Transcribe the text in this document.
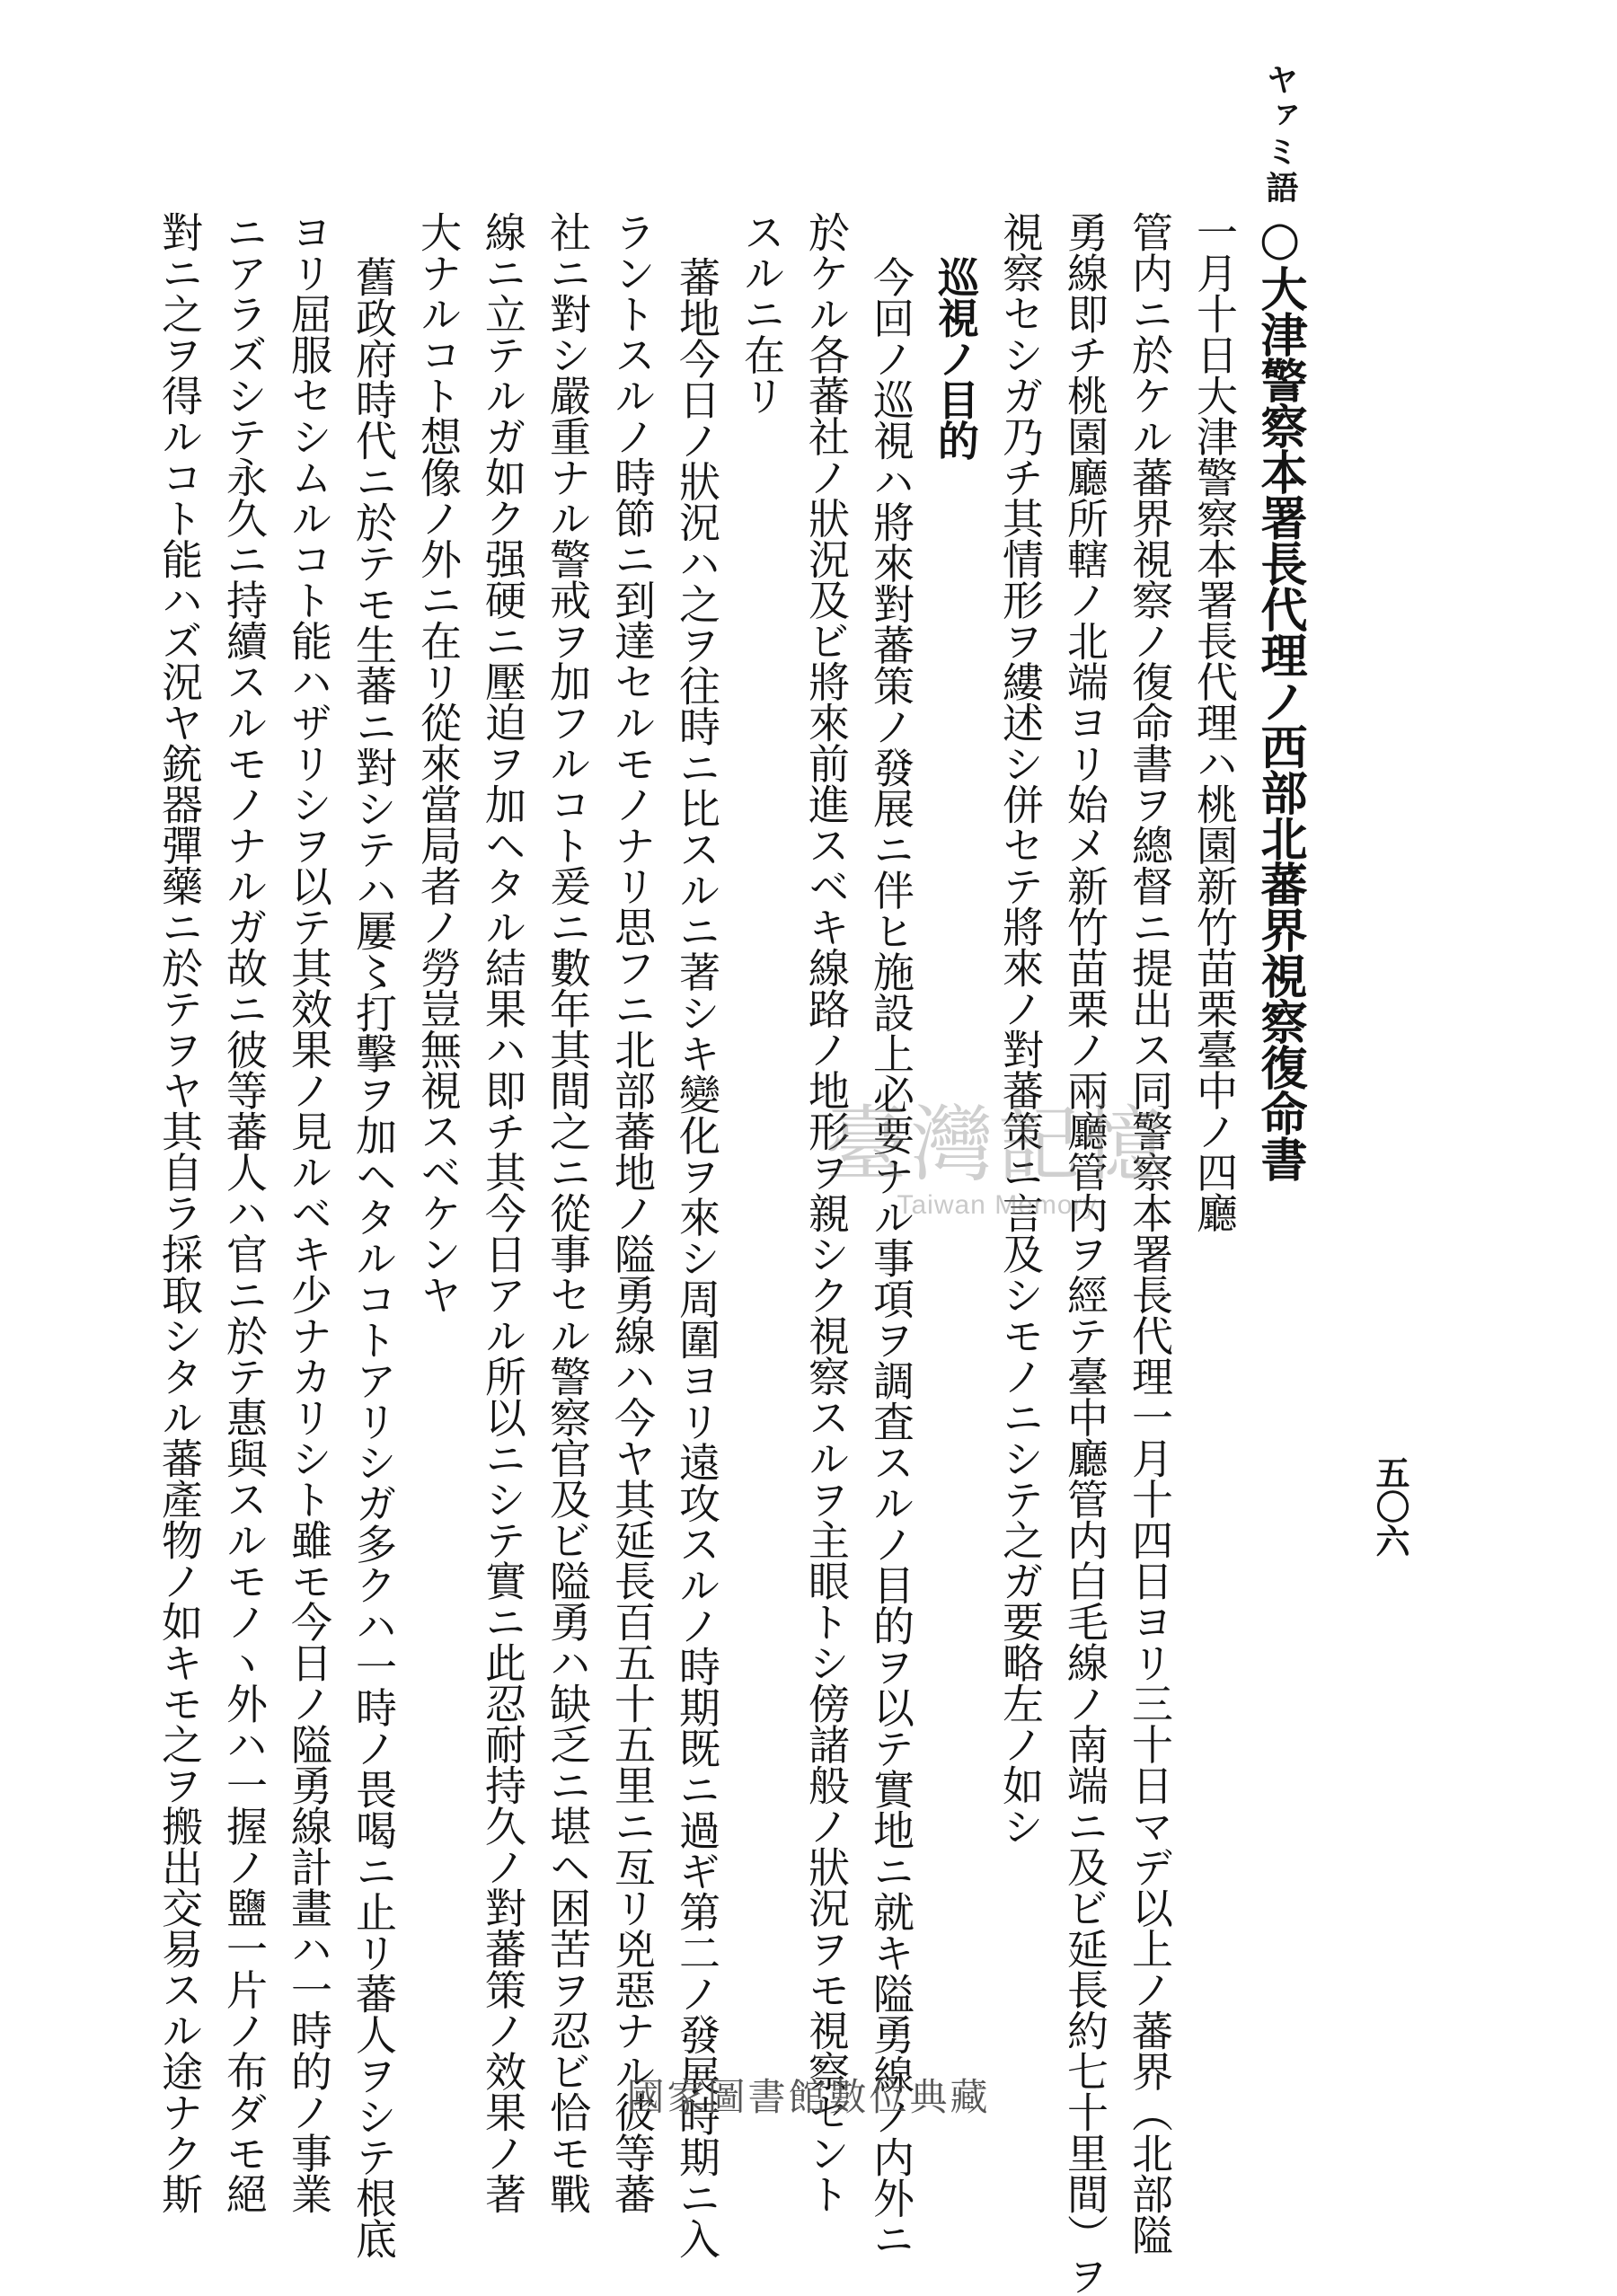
ヤァミ語
五〇六
○大津警察本署長代理ノ西部北蕃界視察復命書
一月十日大津警察本署長代理ハ桃園新竹苗栗臺中ノ四廳
管内ニ於ケル蕃界視察ノ復命書ヲ總督ニ提出ス同警察本署長代理一月十四日ヨリ三十日マデ以上ノ蕃界（北部隘
勇線即チ桃園廳所轄ノ北端ヨリ始メ新竹苗栗ノ兩廳管内ヲ經テ臺中廳管内白毛線ノ南端ニ及ビ延長約七十里間）ヲ
視察セシガ乃チ其情形ヲ縷述シ併セテ將來ノ對蕃策ニ言及シモノニシテ之ガ要略左ノ如シ
巡視ノ目的
今回ノ巡視ハ將來對蕃策ノ發展ニ伴ヒ施設上必要ナル事項ヲ調査スルノ目的ヲ以テ實地ニ就キ隘勇線ノ内外ニ
於ケル各蕃社ノ狀況及ビ將來前進スベキ線路ノ地形ヲ親シク視察スルヲ主眼トシ傍諸般ノ狀況ヲモ視察セント
スルニ在リ
蕃地今日ノ狀況ハ之ヲ往時ニ比スルニ著シキ變化ヲ來シ周圍ヨリ遠攻スルノ時期既ニ過ギ第二ノ發展時期ニ入
ラントスルノ時節ニ到達セルモノナリ思フニ北部蕃地ノ隘勇線ハ今ヤ其延長百五十五里ニ亙リ兇惡ナル彼等蕃
社ニ對シ嚴重ナル警戒ヲ加フルコト爰ニ數年其間之ニ從事セル警察官及ビ隘勇ハ缺乏ニ堪ヘ困苦ヲ忍ビ恰モ戰
線ニ立テルガ如ク强硬ニ壓迫ヲ加ヘタル結果ハ即チ其今日アル所以ニシテ實ニ此忍耐持久ノ對蕃策ノ效果ノ著
大ナルコト想像ノ外ニ在リ從來當局者ノ勞豈無視スベケンヤ
舊政府時代ニ於テモ生蕃ニ對シテハ屢〻打擊ヲ加ヘタルコトアリシガ多クハ一時ノ畏喝ニ止リ蕃人ヲシテ根底
ヨリ屈服セシムルコト能ハザリシヲ以テ其效果ノ見ルベキ少ナカリシト雖モ今日ノ隘勇線計畫ハ一時的ノ事業
ニアラズシテ永久ニ持續スルモノナルガ故ニ彼等蕃人ハ官ニ於テ惠與スルモノヽ外ハ一握ノ鹽一片ノ布ダモ絕
對ニ之ヲ得ルコト能ハズ況ヤ銃器彈藥ニ於テヲヤ其自ラ採取シタル蕃產物ノ如キモ之ヲ搬出交易スル途ナク斯	臺灣記憶
Taiwan Memory
國家圖書館數位典藏
